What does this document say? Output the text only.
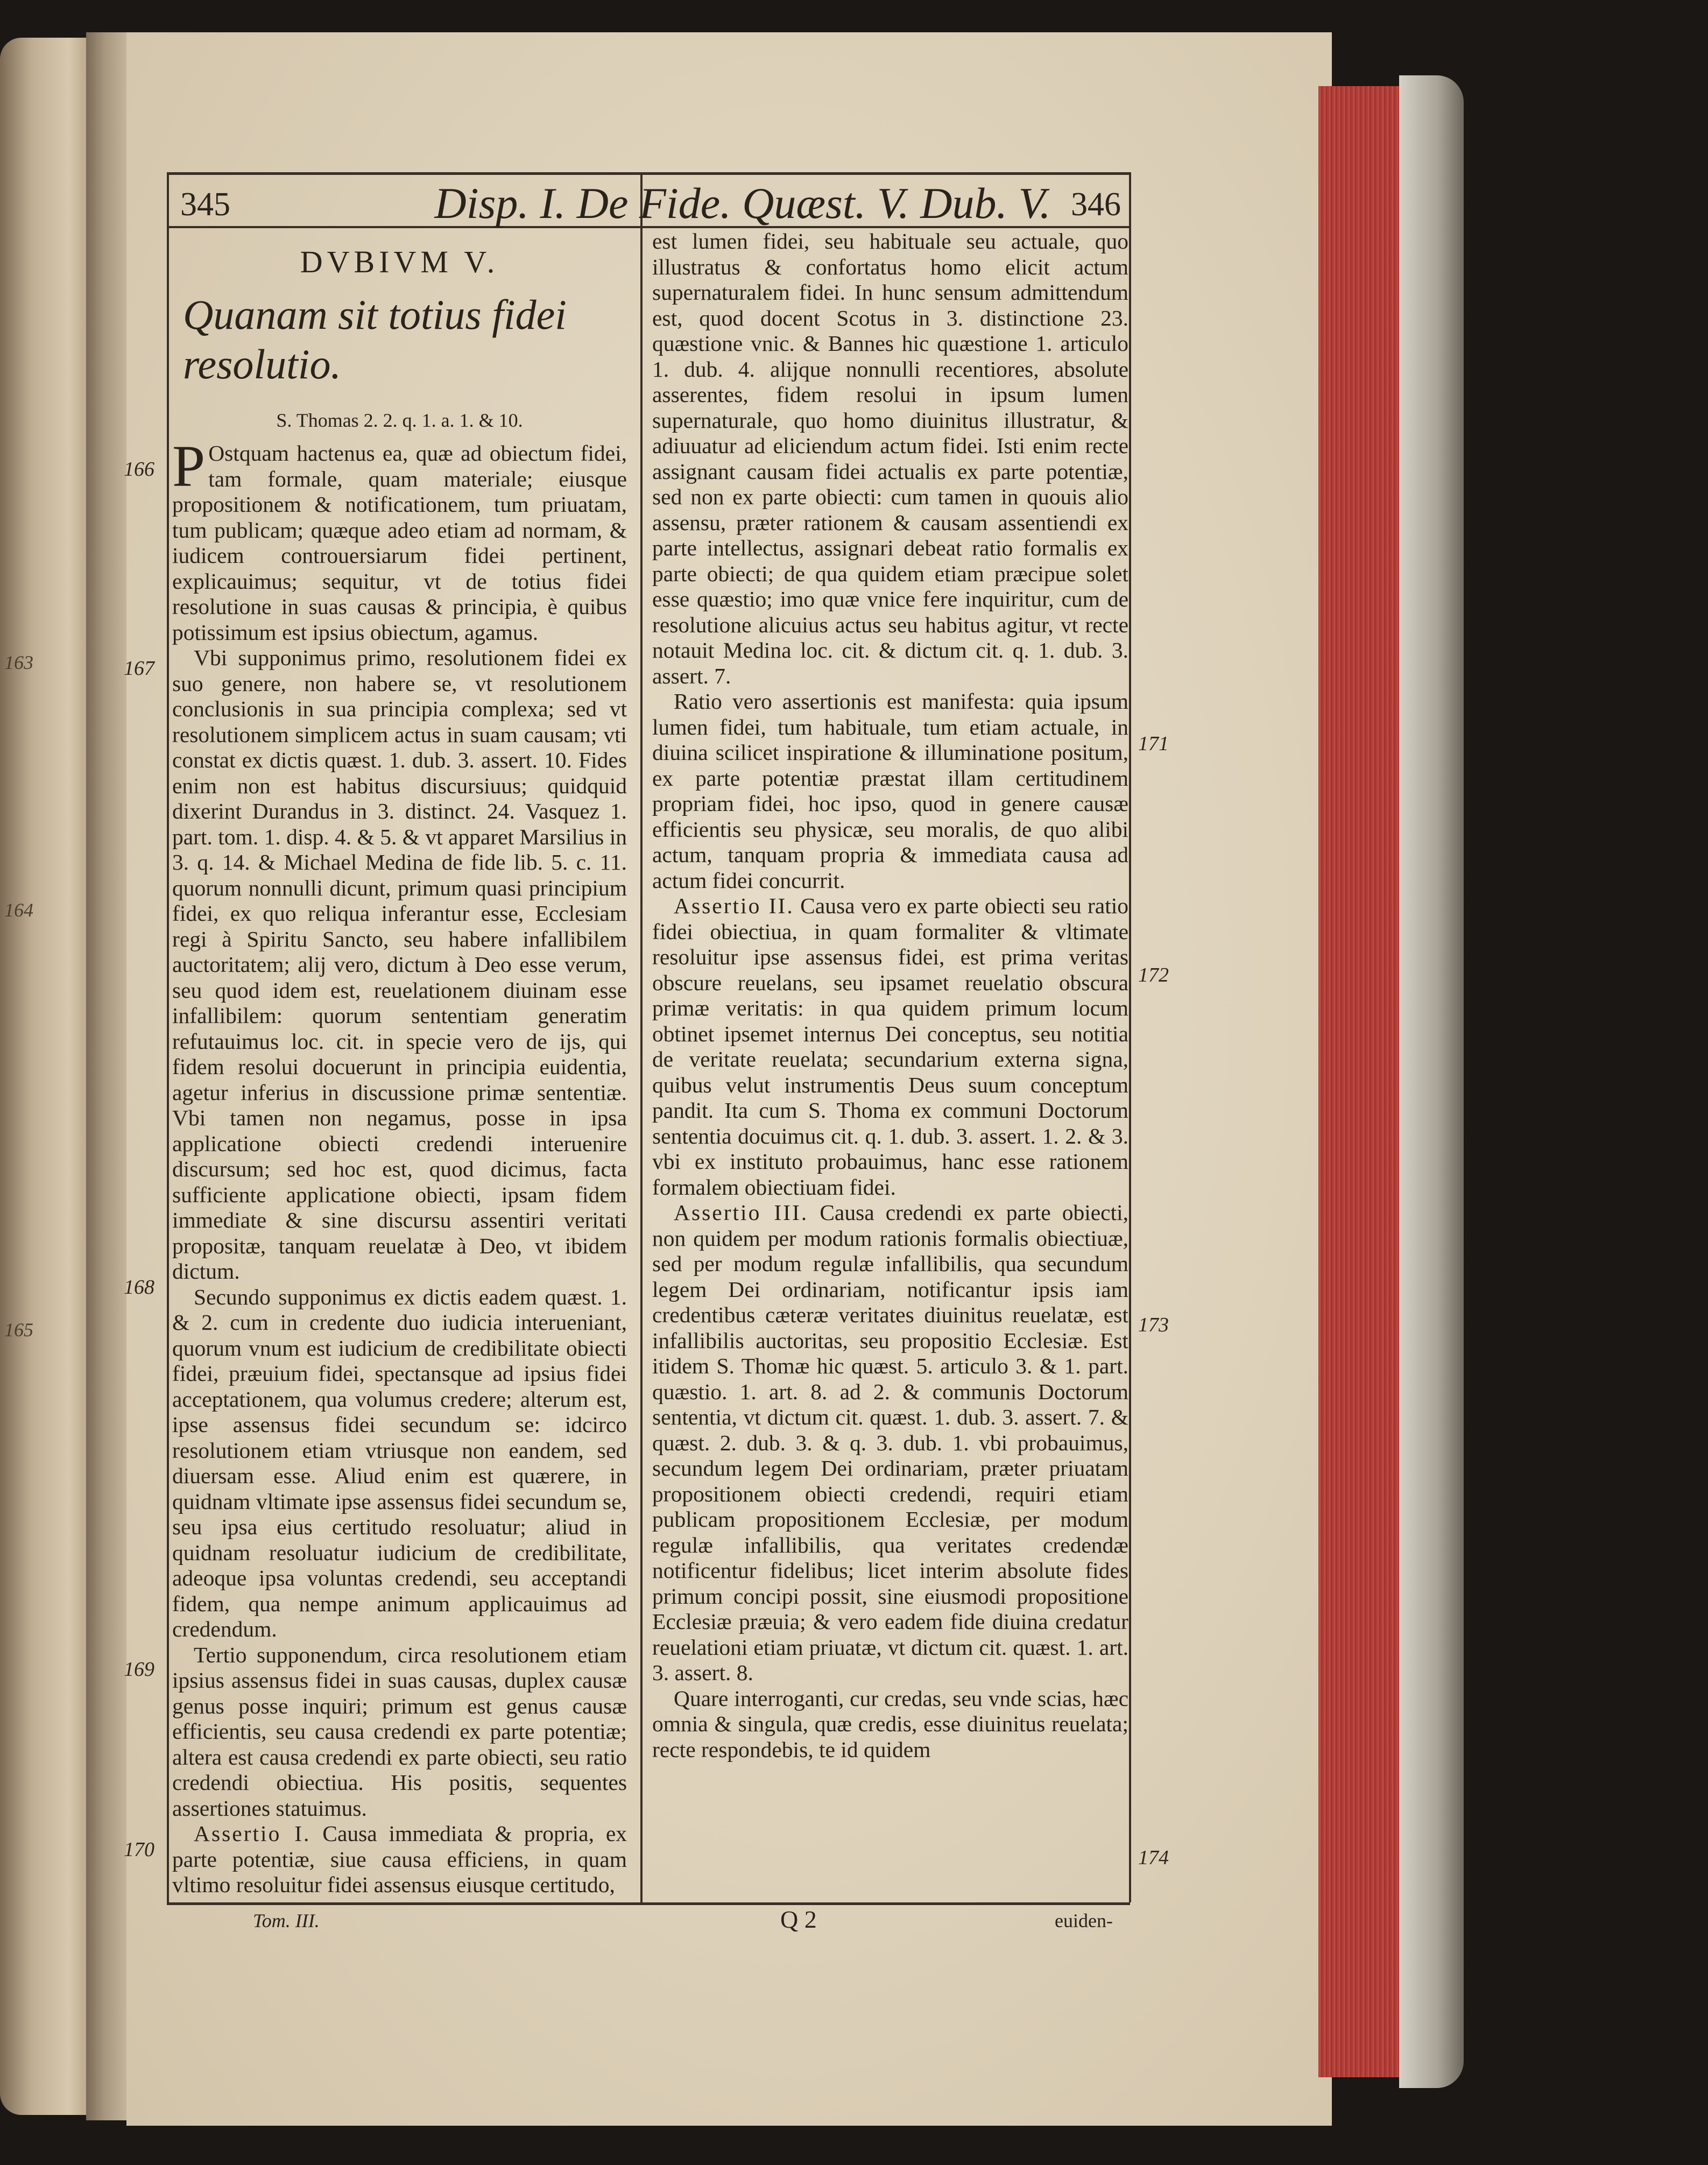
163
164
165
345	Disp. I. De Fide. Quæst. V. Dub. V. 346
DVBIVM V.
Quanam sit totius fidei resolutio.
S. Thomas 2. 2. q. 1. a. 1. & 10.

P Ostquam hactenus ea, quæ ad obiectum fidei, tam formale, quam materiale; eiusque propositionem & notificationem, tum priuatam, tum publicam; quæque adeo etiam ad normam, & iudicem controuersiarum fidei pertinent, explicauimus; sequitur, vt de totius fidei resolutione in suas causas & principia, è quibus potissimum est ipsius obiectum, agamus.

Vbi supponimus primo, resolutionem fidei ex suo genere, non habere se, vt resolutionem conclusionis in sua principia complexa; sed vt resolutionem simplicem actus in suam causam; vti constat ex dictis quæst. 1. dub. 3. assert. 10. Fides enim non est habitus discursiuus; quidquid dixerint Durandus in 3. distinct. 24. Vasquez 1. part. tom. 1. disp. 4. & 5. & vt apparet Marsilius in 3. q. 14. & Michael Medina de fide lib. 5. c. 11. quorum nonnulli dicunt, primum quasi principium fidei, ex quo reliqua inferantur esse, Ecclesiam regi à Spiritu Sancto, seu habere infallibilem auctoritatem; alij vero, dictum à Deo esse verum, seu quod idem est, reuelationem diuinam esse infallibilem: quorum sententiam generatim refutauimus loc. cit. in specie vero de ijs, qui fidem resolui docuerunt in principia euidentia, agetur inferius in discussione primæ sententiæ. Vbi tamen non negamus, posse in ipsa applicatione obiecti credendi interuenire discursum; sed hoc est, quod dicimus, facta sufficiente applicatione obiecti, ipsam fidem immediate & sine discursu assentiri veritati propositæ, tanquam reuelatæ à Deo, vt ibidem dictum.

Secundo supponimus ex dictis eadem quæst. 1. & 2. cum in credente duo iudicia interueniant, quorum vnum est iudicium de credibilitate obiecti fidei, præuium fidei, spectansque ad ipsius fidei acceptationem, qua volumus credere; alterum est, ipse assensus fidei secundum se: idcirco resolutionem etiam vtriusque non eandem, sed diuersam esse. Aliud enim est quærere, in quidnam vltimate ipse assensus fidei secundum se, seu ipsa eius certitudo resoluatur; aliud in quidnam resoluatur iudicium de credibilitate, adeoque ipsa voluntas credendi, seu acceptandi fidem, qua nempe animum applicauimus ad credendum.

Tertio supponendum, circa resolutionem etiam ipsius assensus fidei in suas causas, duplex causæ genus posse inquiri; primum est genus causæ efficientis, seu causa credendi ex parte potentiæ; altera est causa credendi ex parte obiecti, seu ratio credendi obiectiua. His positis, sequentes assertiones statuimus.

Assertio I. Causa immediata & propria, ex parte potentiæ, siue causa efficiens, in quam vltimo resoluitur fidei assensus eiusque certitudo,

est lumen fidei, seu habituale seu actuale, quo illustratus & confortatus homo elicit actum supernaturalem fidei. In hunc sensum admittendum est, quod docent Scotus in 3. distinctione 23. quæstione vnic. & Bannes hic quæstione 1. articulo 1. dub. 4. alijque nonnulli recentiores, absolute asserentes, fidem resolui in ipsum lumen supernaturale, quo homo diuinitus illustratur, & adiuuatur ad eliciendum actum fidei. Isti enim recte assignant causam fidei actualis ex parte potentiæ, sed non ex parte obiecti: cum tamen in quouis alio assensu, præter rationem & causam assentiendi ex parte intellectus, assignari debeat ratio formalis ex parte obiecti; de qua quidem etiam præcipue solet esse quæstio; imo quæ vnice fere inquiritur, cum de resolutione alicuius actus seu habitus agitur, vt recte notauit Medina loc. cit. & dictum cit. q. 1. dub. 3. assert. 7.

Ratio vero assertionis est manifesta: quia ipsum lumen fidei, tum habituale, tum etiam actuale, in diuina scilicet inspiratione & illuminatione positum, ex parte potentiæ præstat illam certitudinem propriam fidei, hoc ipso, quod in genere causæ efficientis seu physicæ, seu moralis, de quo alibi actum, tanquam propria & immediata causa ad actum fidei concurrit.

Assertio II. Causa vero ex parte obiecti seu ratio fidei obiectiua, in quam formaliter & vltimate resoluitur ipse assensus fidei, est prima veritas obscure reuelans, seu ipsamet reuelatio obscura primæ veritatis: in qua quidem primum locum obtinet ipsemet internus Dei conceptus, seu notitia de veritate reuelata; secundarium externa signa, quibus velut instrumentis Deus suum conceptum pandit. Ita cum S. Thoma ex communi Doctorum sententia docuimus cit. q. 1. dub. 3. assert. 1. 2. & 3. vbi ex instituto probauimus, hanc esse rationem formalem obiectiuam fidei.

Assertio III. Causa credendi ex parte obiecti, non quidem per modum rationis formalis obiectiuæ, sed per modum regulæ infallibilis, qua secundum legem Dei ordinariam, notificantur ipsis iam credentibus cæteræ veritates diuinitus reuelatæ, est infallibilis auctoritas, seu propositio Ecclesiæ. Est itidem S. Thomæ hic quæst. 5. articulo 3. & 1. part. quæstio. 1. art. 8. ad 2. & communis Doctorum sententia, vt dictum cit. quæst. 1. dub. 3. assert. 7. & quæst. 2. dub. 3. & q. 3. dub. 1. vbi probauimus, secundum legem Dei ordinariam, præter priuatam propositionem obiecti credendi, requiri etiam publicam propositionem Ecclesiæ, per modum regulæ infallibilis, qua veritates credendæ notificentur fidelibus; licet interim absolute fides primum concipi possit, sine eiusmodi propositione Ecclesiæ præuia; & vero eadem fide diuina credatur reuelationi etiam priuatæ, vt dictum cit. quæst. 1. art. 3. assert. 8.

Quare interroganti, cur credas, seu vnde scias, hæc omnia & singula, quæ credis, esse diuinitus reuelata; recte respondebis, te id quidem

166
167
168
169
170
171
172
173
174
Tom. III.	Q 2	euiden-
